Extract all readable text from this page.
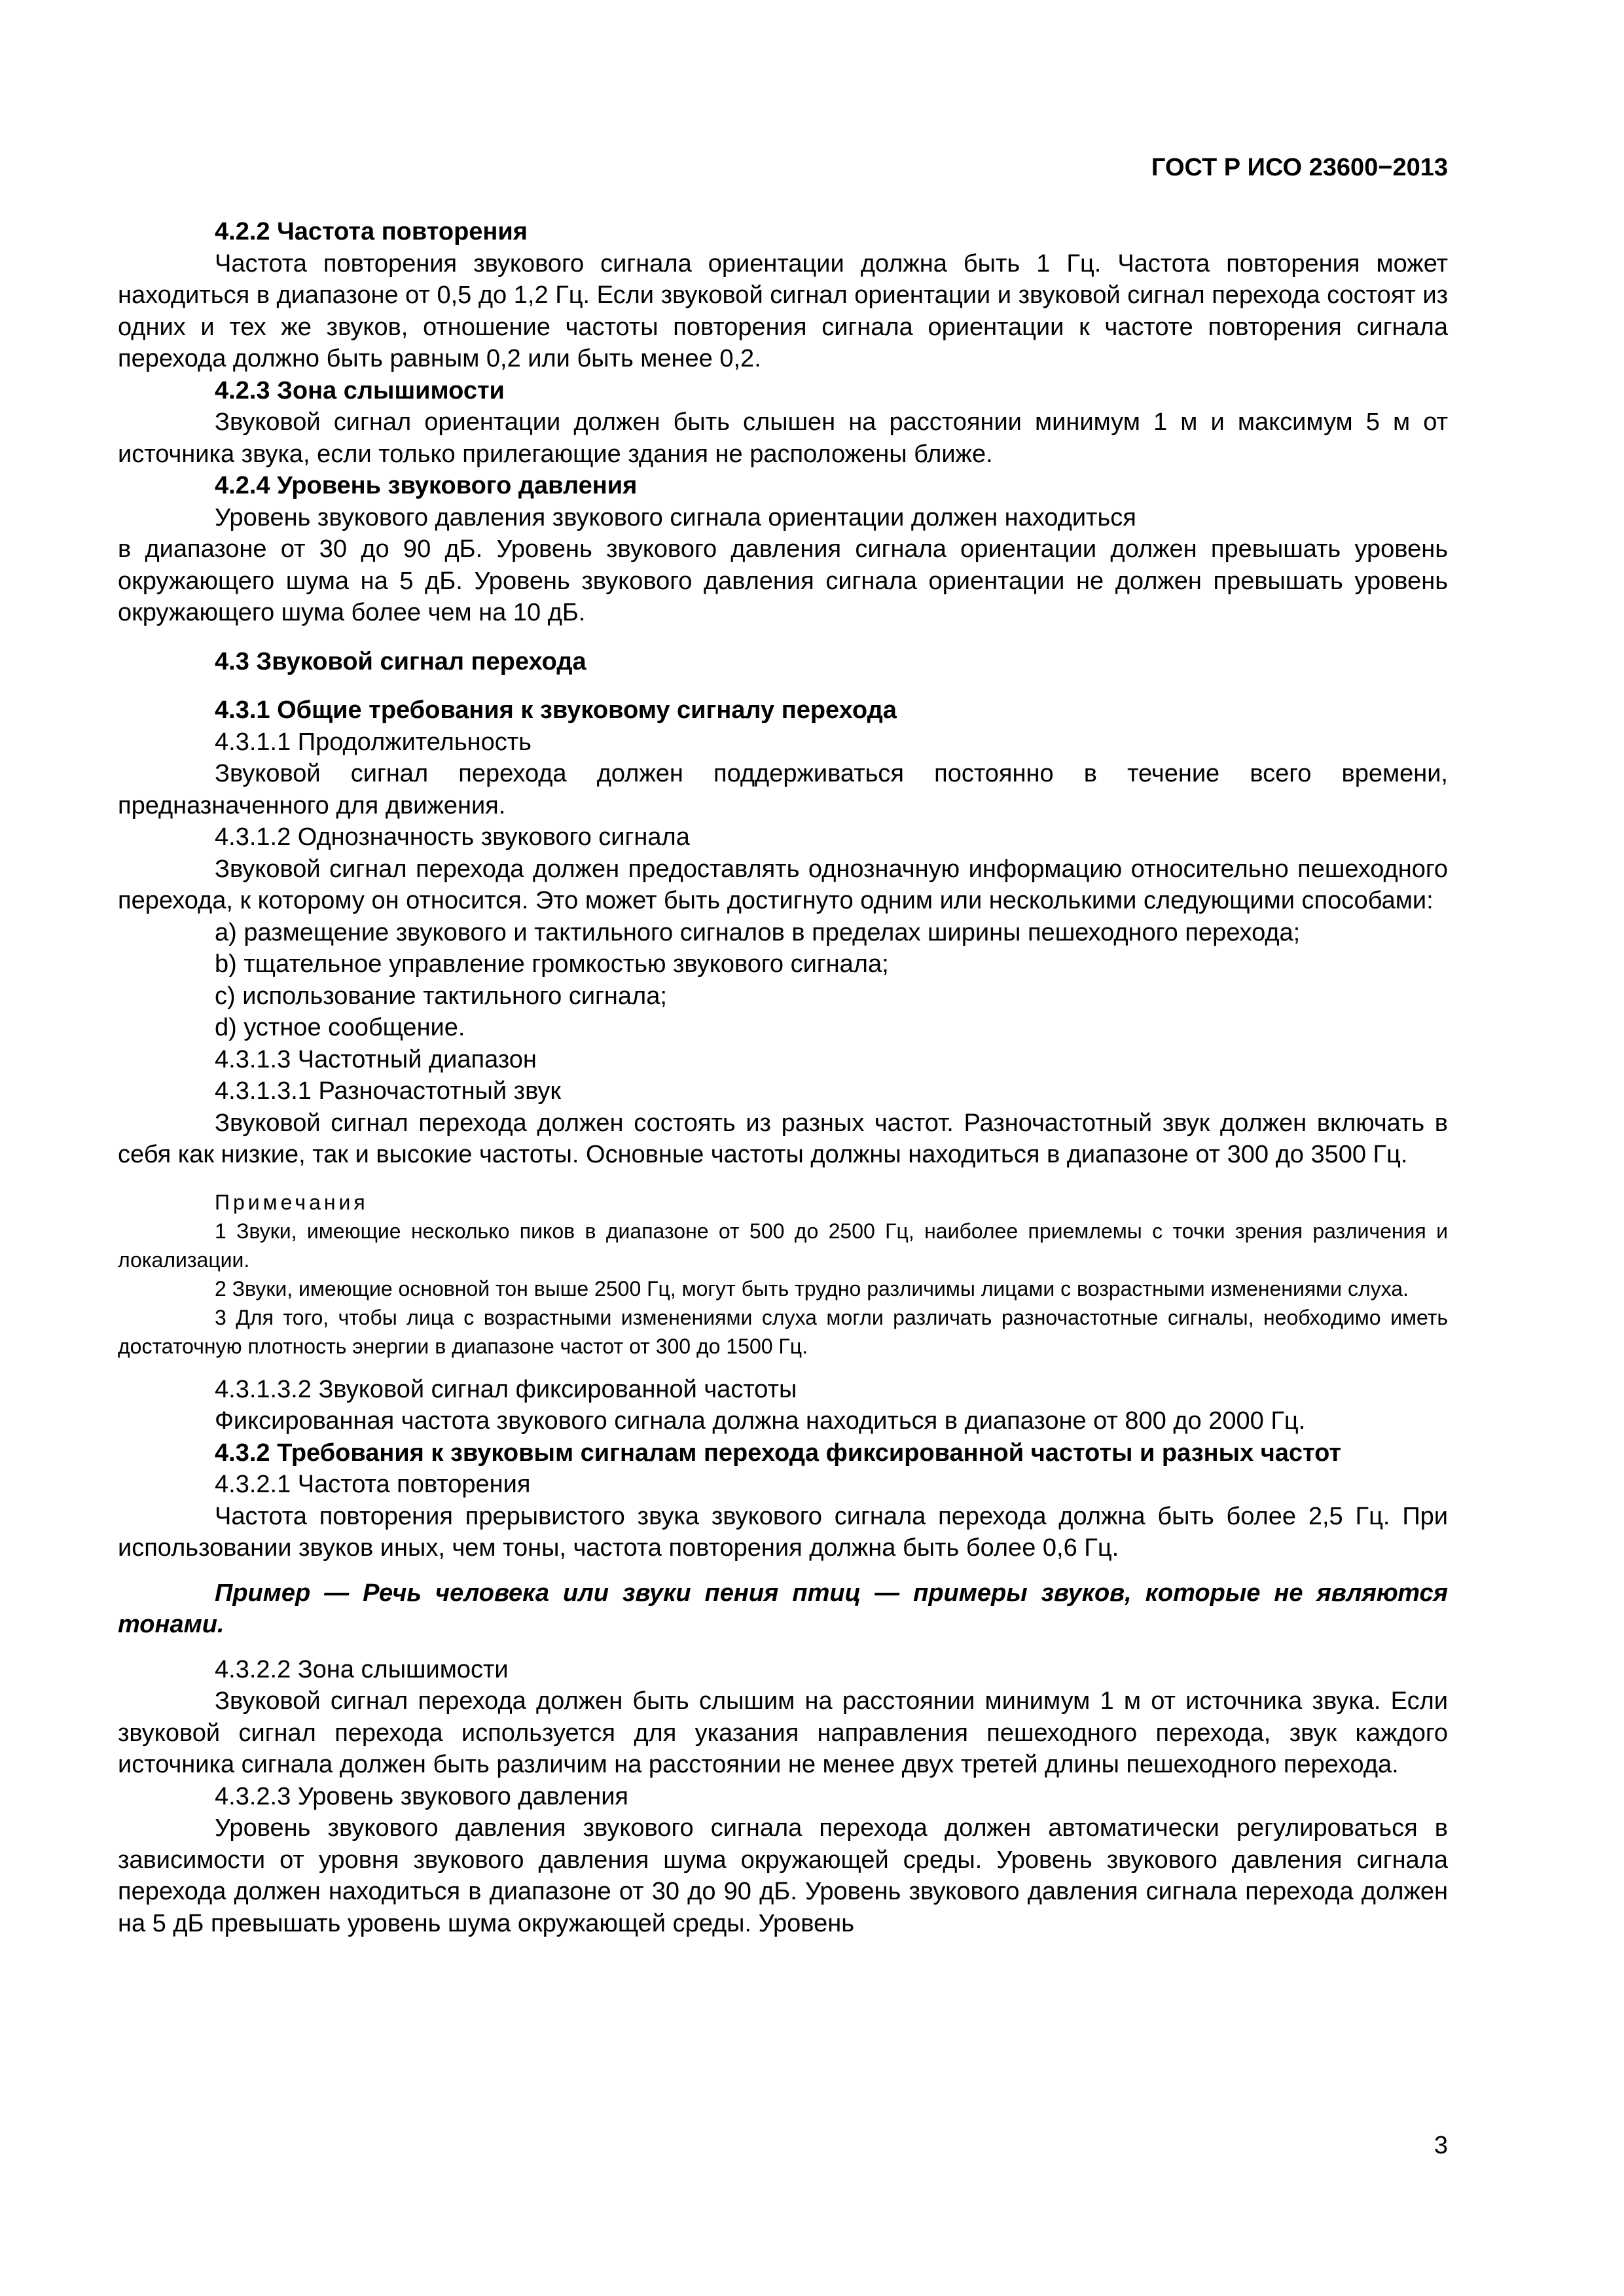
ГОСТ Р ИСО 23600−2013

4.2.2 Частота повторения

Частота повторения звукового сигнала ориентации должна быть 1 Гц. Частота повторения может находиться в диапазоне от 0,5 до 1,2 Гц. Если звуковой сигнал ориентации и звуковой сигнал перехода состоят из одних и тех же звуков, отношение частоты повторения сигнала ориентации к частоте повторения сигнала перехода должно быть равным 0,2 или быть менее 0,2.

4.2.3 Зона слышимости

Звуковой сигнал ориентации должен быть слышен на расстоянии минимум 1 м и максимум 5 м от источника звука, если только прилегающие здания не расположены ближе.

4.2.4 Уровень звукового давления

Уровень звукового давления звукового сигнала ориентации должен находиться

в диапазоне от 30 до 90 дБ. Уровень звукового давления сигнала ориентации должен превышать уровень окружающего шума на 5 дБ. Уровень звукового давления сигнала ориентации не должен превышать уровень окружающего шума более чем на 10 дБ.

4.3 Звуковой сигнал перехода

4.3.1 Общие требования к звуковому сигналу перехода

4.3.1.1 Продолжительность

Звуковой сигнал перехода должен поддерживаться постоянно в течение всего времени, предназначенного для движения.

4.3.1.2 Однозначность звукового сигнала

Звуковой сигнал перехода должен предоставлять однозначную информацию относительно пешеходного перехода, к которому он относится. Это может быть достигнуто одним или несколькими следующими способами:

a) размещение звукового и тактильного сигналов в пределах ширины пешеходного перехода;

b) тщательное управление громкостью звукового сигнала;

c) использование тактильного сигнала;

d) устное сообщение.

4.3.1.3 Частотный диапазон

4.3.1.3.1 Разночастотный звук

Звуковой сигнал перехода должен состоять из разных частот. Разночастотный звук должен включать в себя как низкие, так и высокие частоты. Основные частоты должны находиться в диапазоне от 300 до 3500 Гц.

Примечания

1 Звуки, имеющие несколько пиков в диапазоне от 500 до 2500 Гц, наиболее приемлемы с точки зрения различения и локализации.

2 Звуки, имеющие основной тон выше 2500 Гц, могут быть трудно различимы лицами с возрастными изменениями слуха.

3 Для того, чтобы лица с возрастными изменениями слуха могли различать разночастотные сигналы, необходимо иметь достаточную плотность энергии в диапазоне частот от 300 до 1500 Гц.

4.3.1.3.2 Звуковой сигнал фиксированной частоты

Фиксированная частота звукового сигнала должна находиться в диапазоне от 800 до 2000 Гц.

4.3.2 Требования к звуковым сигналам перехода фиксированной частоты и разных частот

4.3.2.1 Частота повторения

Частота повторения прерывистого звука звукового сигнала перехода должна быть более 2,5 Гц. При использовании звуков иных, чем тоны, частота повторения должна быть более 0,6 Гц.

Пример — Речь человека или звуки пения птиц — примеры звуков, которые не являются тонами.

4.3.2.2 Зона слышимости

Звуковой сигнал перехода должен быть слышим на расстоянии минимум 1 м от источника звука. Если звуковой сигнал перехода используется для указания направления пешеходного перехода, звук каждого источника сигнала должен быть различим на расстоянии не менее двух третей длины пешеходного перехода.

4.3.2.3 Уровень звукового давления

Уровень звукового давления звукового сигнала перехода должен автоматически регулироваться в зависимости от уровня звукового давления шума окружающей среды. Уровень звукового давления сигнала перехода должен находиться в диапазоне от 30 до 90 дБ. Уровень звукового давления сигнала перехода должен на 5 дБ превышать уровень шума окружающей среды. Уровень

3
